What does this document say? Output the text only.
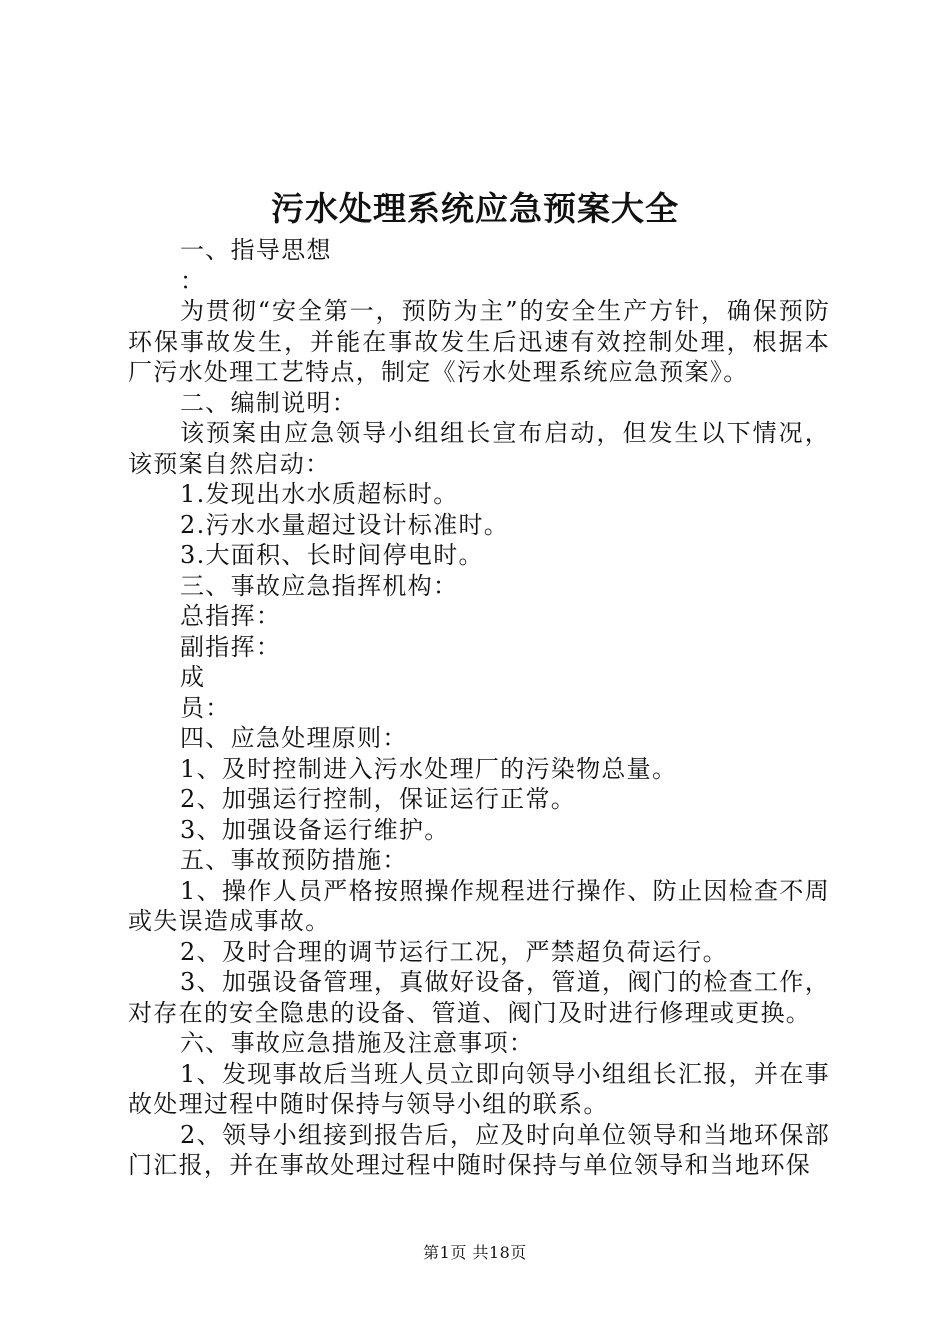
污水处理系统应急预案大全

一、指导思想

：

为贯彻“安全第一，预防为主”的安全生产方针，确保预防环保事故发生，并能在事故发生后迅速有效控制处理，根据本厂污水处理工艺特点，制定《污水处理系统应急预案》。

二、编制说明：

该预案由应急领导小组组长宣布启动，但发生以下情况，该预案自然启动：

1.发现出水水质超标时。

2.污水水量超过设计标准时。

3.大面积、长时间停电时。

三、事故应急指挥机构：

总指挥：

副指挥：

成

员：

四、应急处理原则：

1、及时控制进入污水处理厂的污染物总量。

2、加强运行控制，保证运行正常。

3、加强设备运行维护。

五、事故预防措施：

1、操作人员严格按照操作规程进行操作、防止因检查不周或失误造成事故。

2、及时合理的调节运行工况，严禁超负荷运行。

3、加强设备管理，真做好设备，管道，阀门的检查工作，对存在的安全隐患的设备、管道、阀门及时进行修理或更换。

六、事故应急措施及注意事项：

1、发现事故后当班人员立即向领导小组组长汇报，并在事故处理过程中随时保持与领导小组的联系。

2、领导小组接到报告后，应及时向单位领导和当地环保部门汇报，并在事故处理过程中随时保持与单位领导和当地环保

第1页 共18页
